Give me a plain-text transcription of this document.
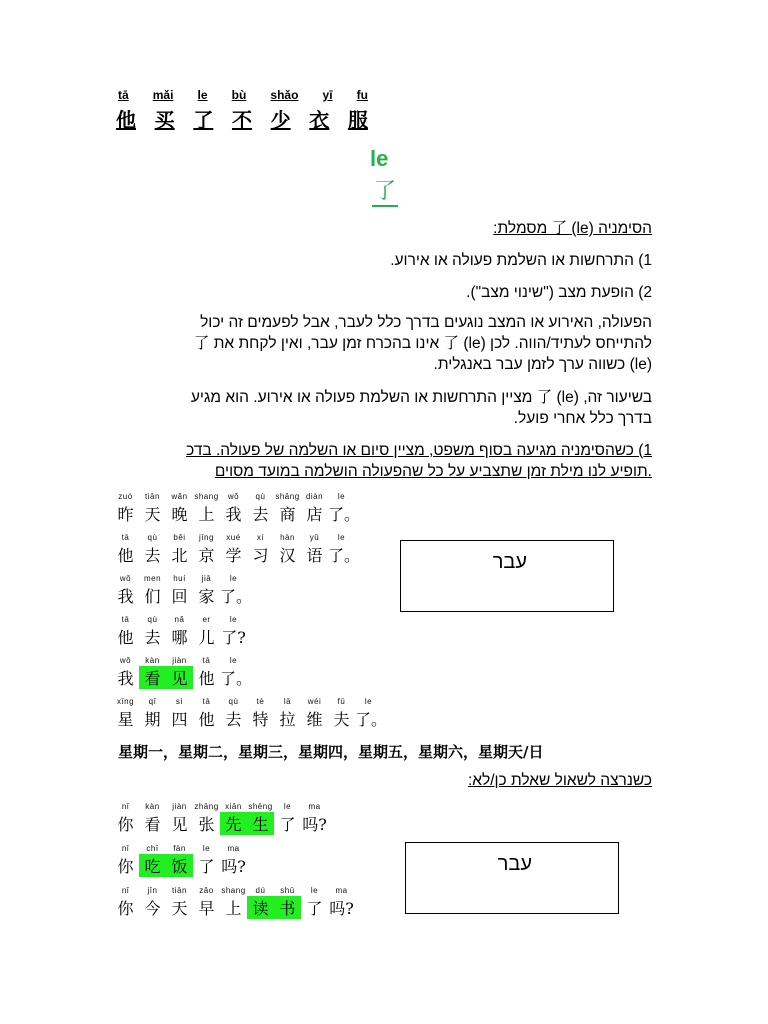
tā mǎi le bù shǎo yī fu
他 买 了 不 少 衣 服
le
了
הסימניה 了 (le) מסמלת:
1) התרחשות או השלמת פעולה או אירוע.
2) הופעת מצב ("שינוי מצב").
הפעולה, האירוע או המצב נוגעים בדרך כלל לעבר, אבל לפעמים זה יכול
להתייחס לעתיד/הווה. לכן 了 (le) אינו בהכרח זמן עבר, ואין לקחת את 了
(le) כשווה ערך לזמן עבר באנגלית.
בשיעור זה, 了 (le) מציין התרחשות או השלמת פעולה או אירוע. הוא מגיע
בדרך כלל אחרי פועל.
1) כשהסימניה מגיעה בסוף משפט, מציין סיום או השלמה של פעולה. בדכ
.תופיע לנו מילת זמן שתצביע על כל שהפעולה הושלמה במועד מסוים
zuó	tiān	wǎn shang	wǒ	qù	shāng diàn	le
昨 天 晚 上 我 去 商 店 了。
tā	qù	běi	jīng	xué	xí	hàn	yǔ	le
他 去 北 京 学 习 汉 语 了。
wǒ	men	huí	jiā	le
我 们 回 家 了。
tā	qù	nǎ	er	le
他 去 哪 儿 了?
wǒ	kàn	jiàn	tā	le
我 看 见 他 了。
xīng	qī	sì	tā	qù	tè	lā	wéi	fū	le
星 期 四 他 去 特 拉 维 夫 了。
עבר
星期一，星期二，星期三，星期四，星期五，星期六，星期天/日
כשנרצה לשאול שאלת כן/לא:
nǐ	kàn	jiàn zhāng xiān shēng	le	ma
你 看 见 张 先 生 了 吗?
nǐ	chī	fàn	le	ma
你 吃 饭 了 吗?
nǐ	jīn	tiān	zǎo shang	dú	shū	le	ma
你 今 天 早 上 读 书 了 吗?
עבר
